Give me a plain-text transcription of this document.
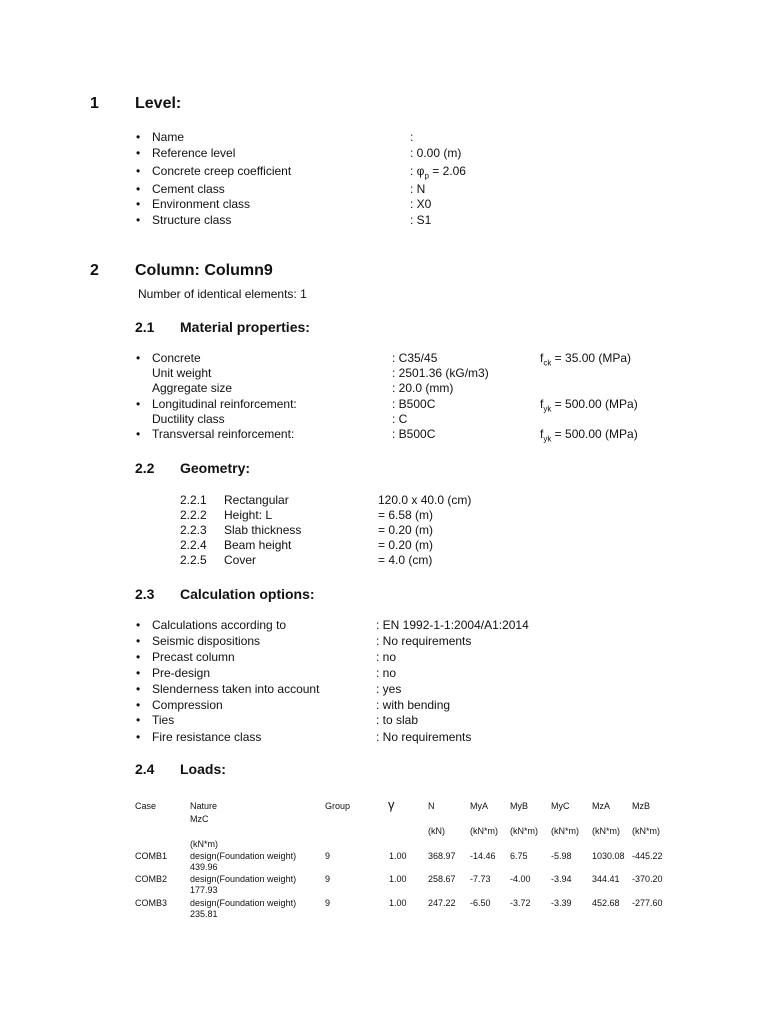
1 Level:
• Name	:
• Reference level	: 0.00 (m)
• Concrete creep coefficient	: $\varphi_p = 2.06$
• Cement class	: N
• Environment class	: X0
• Structure class	: S1
2 Column: Column9
Number of identical elements: 1
2.1 Material properties:
• Concrete	: C35/45	$f_{ck} = 35.00$ (MPa)
Unit weight	: 2501.36 (kG/m3)
Aggregate size	: 20.0 (mm)
• Longitudinal reinforcement:	: B500C	$f_{yk} = 500.00$ (MPa)
Ductility class	: C
• Transversal reinforcement:	: B500C	$f_{yk} = 500.00$ (MPa)
2.2 Geometry:
2.2.1 Rectangular	120.0 x 40.0 (cm)
2.2.2 Height: L	= 6.58 (m)
2.2.3 Slab thickness	= 0.20 (m)
2.2.4 Beam height	= 0.20 (m)
2.2.5 Cover	= 4.0 (cm)
2.3 Calculation options:
• Calculations according to	: EN 1992-1-1:2004/A1:2014
• Seismic dispositions	: No requirements
• Precast column	: no
• Pre-design	: no
• Slenderness taken into account	: yes
• Compression	: with bending
• Ties	: to slab
• Fire resistance class	: No requirements
2.4 Loads:
Case	Nature
MzC
Group	γ	N	MyA MyB	MyC	MzA MzB
(kN)	(kN*m) (kN*m) (kN*m) (kN*m) (kN*m)
(kN*m)
COMB1	design(Foundation weight)	9	1.00 368.97 -14.46 6.75	-5.98 1030.08 -445.22
439.96
COMB2	design(Foundation weight)	9	1.00 258.67 -7.73 -4.00 -3.94 344.41 -370.20
177.93
COMB3	design(Foundation weight)	9	1.00 247.22 -6.50 -3.72 -3.39 452.68 -277.60
235.81
